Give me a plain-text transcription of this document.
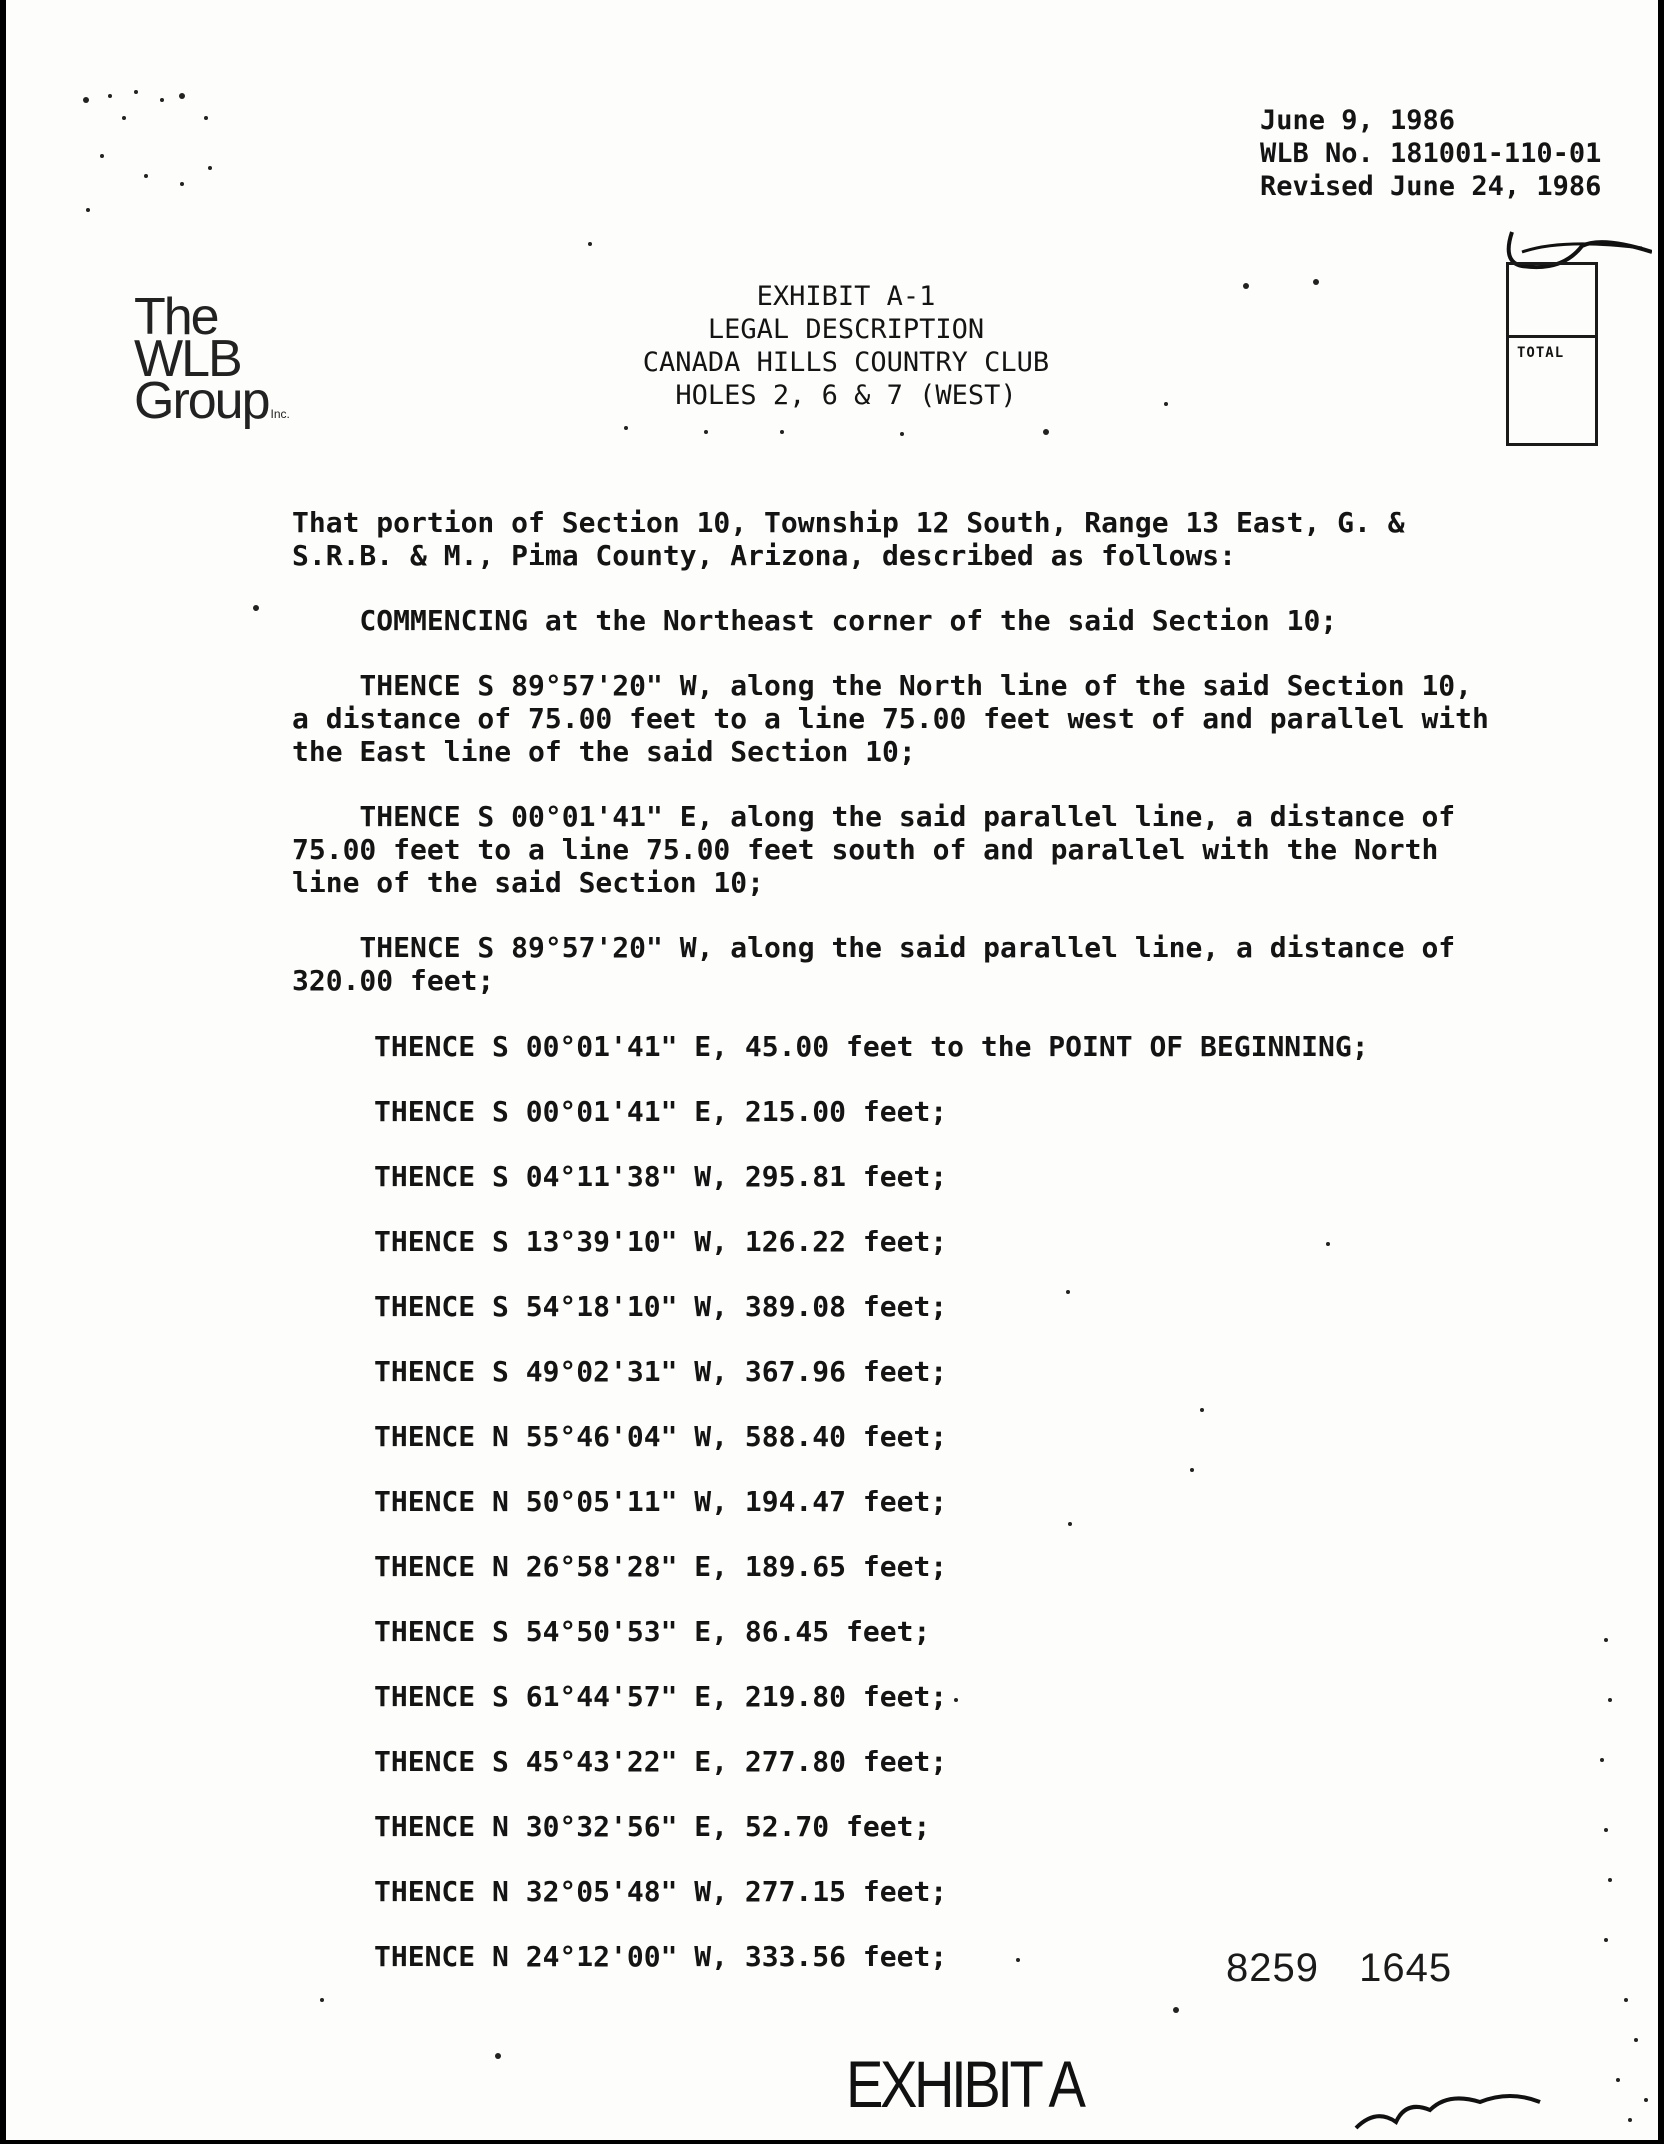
June 9, 1986
WLB No. 181001-110-01
Revised June 24, 1986
The
WLB
Group Inc.
TOTAL
EXHIBIT A-1
LEGAL DESCRIPTION
CANADA HILLS COUNTRY CLUB
HOLES 2, 6 & 7 (WEST)
That portion of Section 10, Township 12 South, Range 13 East, G. &
S.R.B. & M., Pima County, Arizona, described as follows:
COMMENCING at the Northeast corner of the said Section 10;
THENCE S 89°57'20" W, along the North line of the said Section 10,
a distance of 75.00 feet to a line 75.00 feet west of and parallel with
the East line of the said Section 10;
THENCE S 00°01'41" E, along the said parallel line, a distance of
75.00 feet to a line 75.00 feet south of and parallel with the North
line of the said Section 10;
THENCE S 89°57'20" W, along the said parallel line, a distance of
320.00 feet;
THENCE S 00°01'41" E, 45.00 feet to the POINT OF BEGINNING;
THENCE S 00°01'41" E, 215.00 feet;
THENCE S 04°11'38" W, 295.81 feet;
THENCE S 13°39'10" W, 126.22 feet;
THENCE S 54°18'10" W, 389.08 feet;
THENCE S 49°02'31" W, 367.96 feet;
THENCE N 55°46'04" W, 588.40 feet;
THENCE N 50°05'11" W, 194.47 feet;
THENCE N 26°58'28" E, 189.65 feet;
THENCE S 54°50'53" E, 86.45 feet;
THENCE S 61°44'57" E, 219.80 feet;
THENCE S 45°43'22" E, 277.80 feet;
THENCE N 30°32'56" E, 52.70 feet;
THENCE N 32°05'48" W, 277.15 feet;
THENCE N 24°12'00" W, 333.56 feet;	8259 1645
EXHIBIT A
